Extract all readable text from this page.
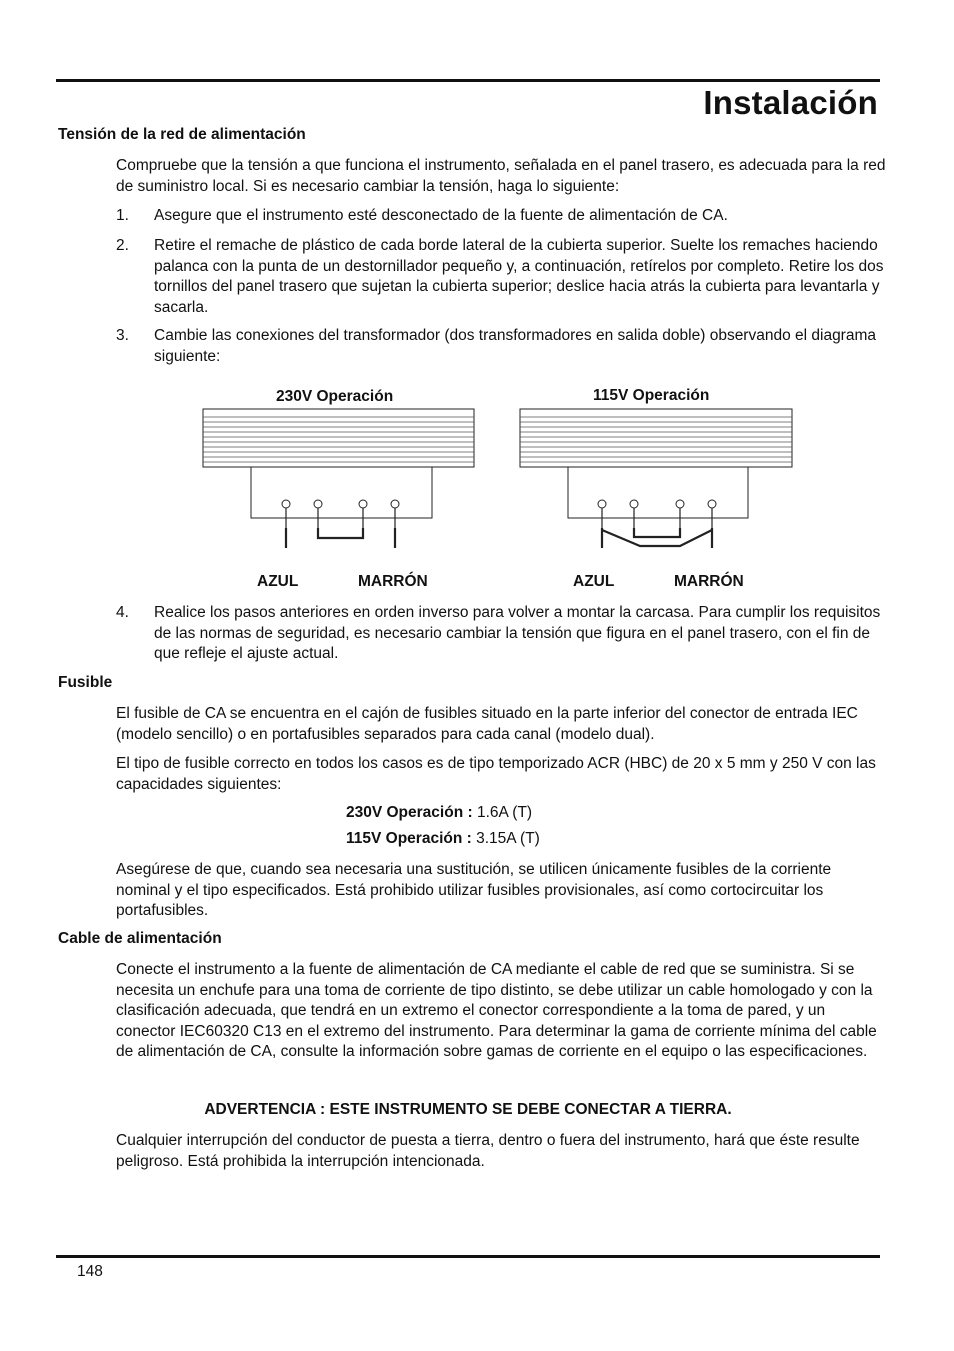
Instalación
Tensión de la red de alimentación

Compruebe que la tensión a que funciona el instrumento, señalada en el panel trasero, es adecuada para la red de suministro local. Si es necesario cambiar la tensión, haga lo siguiente:

1. Asegure que el instrumento esté desconectado de la fuente de alimentación de CA.

2. Retire el remache de plástico de cada borde lateral de la cubierta superior. Suelte los remaches haciendo palanca con la punta de un destornillador pequeño y, a continuación, retírelos por completo. Retire los dos tornillos del panel trasero que sujetan la cubierta superior; deslice hacia atrás la cubierta para levantarla y sacarla.

3. Cambie las conexiones del transformador (dos transformadores en salida doble) observando el diagrama siguiente:

230V Operación	115V Operación
AZUL	MARRÓN	AZUL	MARRÓN
4. Realice los pasos anteriores en orden inverso para volver a montar la carcasa. Para cumplir los requisitos de las normas de seguridad, es necesario cambiar la tensión que figura en el panel trasero, con el fin de que refleje el ajuste actual.

Fusible

El fusible de CA se encuentra en el cajón de fusibles situado en la parte inferior del conector de entrada IEC (modelo sencillo) o en portafusibles separados para cada canal (modelo dual).

El tipo de fusible correcto en todos los casos es de tipo temporizado ACR (HBC) de 20 x 5 mm y 250 V con las capacidades siguientes:

230V Operación : 1.6A (T)
115V Operación : 3.15A (T)

Asegúrese de que, cuando sea necesaria una sustitución, se utilicen únicamente fusibles de la corriente nominal y el tipo especificados. Está prohibido utilizar fusibles provisionales, así como cortocircuitar los portafusibles.

Cable de alimentación

Conecte el instrumento a la fuente de alimentación de CA mediante el cable de red que se suministra. Si se necesita un enchufe para una toma de corriente de tipo distinto, se debe utilizar un cable homologado y con la clasificación adecuada, que tendrá en un extremo el conector correspondiente a la toma de pared, y un conector IEC60320 C13 en el extremo del instrumento. Para determinar la gama de corriente mínima del cable de alimentación de CA, consulte la información sobre gamas de corriente en el equipo o las especificaciones.

ADVERTENCIA : ESTE INSTRUMENTO SE DEBE CONECTAR A TIERRA.

Cualquier interrupción del conductor de puesta a tierra, dentro o fuera del instrumento, hará que éste resulte peligroso. Está prohibida la interrupción intencionada.

148
